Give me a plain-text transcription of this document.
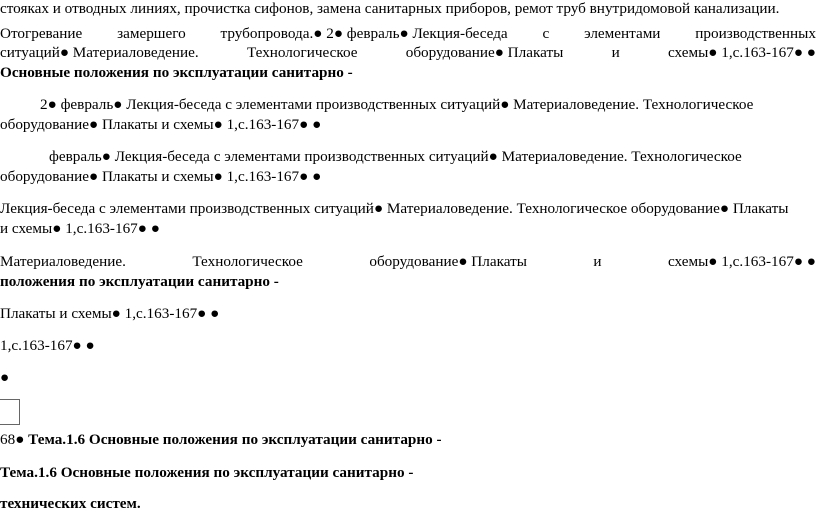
стояках и отводных линиях, прочистка сифонов, замена санитарных приборов, ремот труб внутридомовой канализации.
Отогревание замершего трубопровода.● 2● февраль● Лекция-беседа с элементами производственных
ситуаций● Материаловедение.	Технологическое	оборудованиe● Плакаты	и	схемы● 1,с.163-167● ●
Основные положения по эксплуатации санитарно -
2● февраль● Лекция-беседа с элементами производственных ситуаций● Материаловедение. Технологическое
оборудованиe● Плакаты и схемы● 1,с.163-167● ●
февраль● Лекция-беседа с элементами производственных ситуаций● Материаловедение. Технологическое
оборудованиe● Плакаты и схемы● 1,с.163-167● ●
Лекция-беседа с элементами производственных ситуаций● Материаловедение. Технологическое оборудованиe● Плакаты
и схемы● 1,с.163-167● ●
Материаловедение.	Технологическое	оборудованиe● Плакаты	и	схемы● 1,с.163-167● ●
положения по эксплуатации санитарно -
Плакаты и схемы● 1,с.163-167● ●
1,с.163-167● ●
●
68● Тема.1.6 Основные положения по эксплуатации санитарно -
Тема.1.6 Основные положения по эксплуатации санитарно -
технических систем.
